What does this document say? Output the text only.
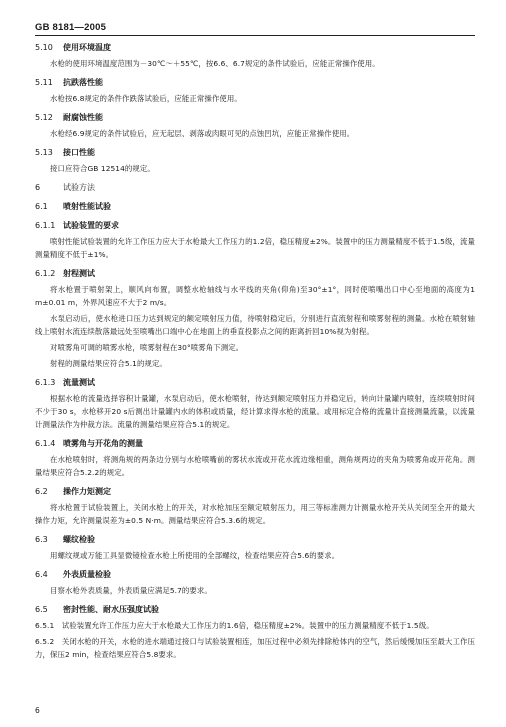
GB 8181—2005
5.10 使用环境温度

水枪的使用环境温度范围为－30℃～＋55℃，按6.6、6.7规定的条件试验后，应能正常操作使用。

5.11 抗跌落性能

水枪按6.8规定的条件作跌落试验后，应能正常操作使用。

5.12 耐腐蚀性能

水枪经6.9规定的条件试验后，应无起层、剥落或肉眼可见的点蚀凹坑，应能正常操作使用。

5.13 接口性能

接口应符合GB 12514的规定。

6	试验方法
6.1 喷射性能试验
6.1.1 试验装置的要求

喷射性能试验装置的允许工作压力应大于水枪最大工作压力的1.2倍，稳压精度±2%。装置中的压力测量精度不低于1.5级，流量测量精度不低于±1%。

6.1.2 射程测试

将水枪置于喷射架上，顺风向布置，调整水枪轴线与水平线的夹角(仰角)至30°±1°，同时使喷嘴出口中心至地面的高度为1 m±0.01 m，外界风速应不大于2 m/s。

水泵启动后，使水枪进口压力达到规定的额定喷射压力值，待喷射稳定后，分别进行直流射程和喷雾射程的测量。水枪在喷射轴线上喷射水流连续散落最远处至喷嘴出口端中心在地面上的垂直投影点之间的距离折回10%视为射程。

对喷雾角可调的喷雾水枪，喷雾射程在30°喷雾角下测定。

射程的测量结果应符合5.1的规定。

6.1.3 流量测试

根据水枪的流量选择容积计量罐，水泵启动后，使水枪喷射，待达到额定喷射压力并稳定后，转向计量罐内喷射，连续喷射时间不少于30 s，水枪移开20 s后测出计量罐内水的体积或质量，经计算求得水枪的流量。或用标定合格的流量计直接测量流量，以流量计测量法作为仲裁方法。流量的测量结果应符合5.1的规定。

6.1.4 喷雾角与开花角的测量

在水枪喷射时，将测角规的两条边分别与水枪喷嘴前的雾状水流或开花水流边缘相重，测角规两边的夹角为喷雾角或开花角。测量结果应符合5.2.2的规定。

6.2 操作力矩测定

将水枪置于试验装置上，关闭水枪上的开关，对水枪加压至额定喷射压力，用三等标准测力计测量水枪开关从关闭至全开的最大操作力矩，允许测量误差为±0.5 N·m。测量结果应符合5.3.6的规定。

6.3 螺纹检验

用螺纹规或万能工具显微镜检查水枪上所使用的全部螺纹，检查结果应符合5.6的要求。

6.4 外表质量检验

目察水枪外表质量，外表质量应满足5.7的要求。

6.5 密封性能、耐水压强度试验

6.5.1　试验装置允许工作压力应大于水枪最大工作压力的1.6倍，稳压精度±2%。装置中的压力测量精度不低于1.5级。

6.5.2　关闭水枪的开关，水枪的进水端通过接口与试验装置相连，加压过程中必须先排除枪体内的空气，然后缓慢加压至最大工作压力，保压2 min，检查结果应符合5.8要求。

6
